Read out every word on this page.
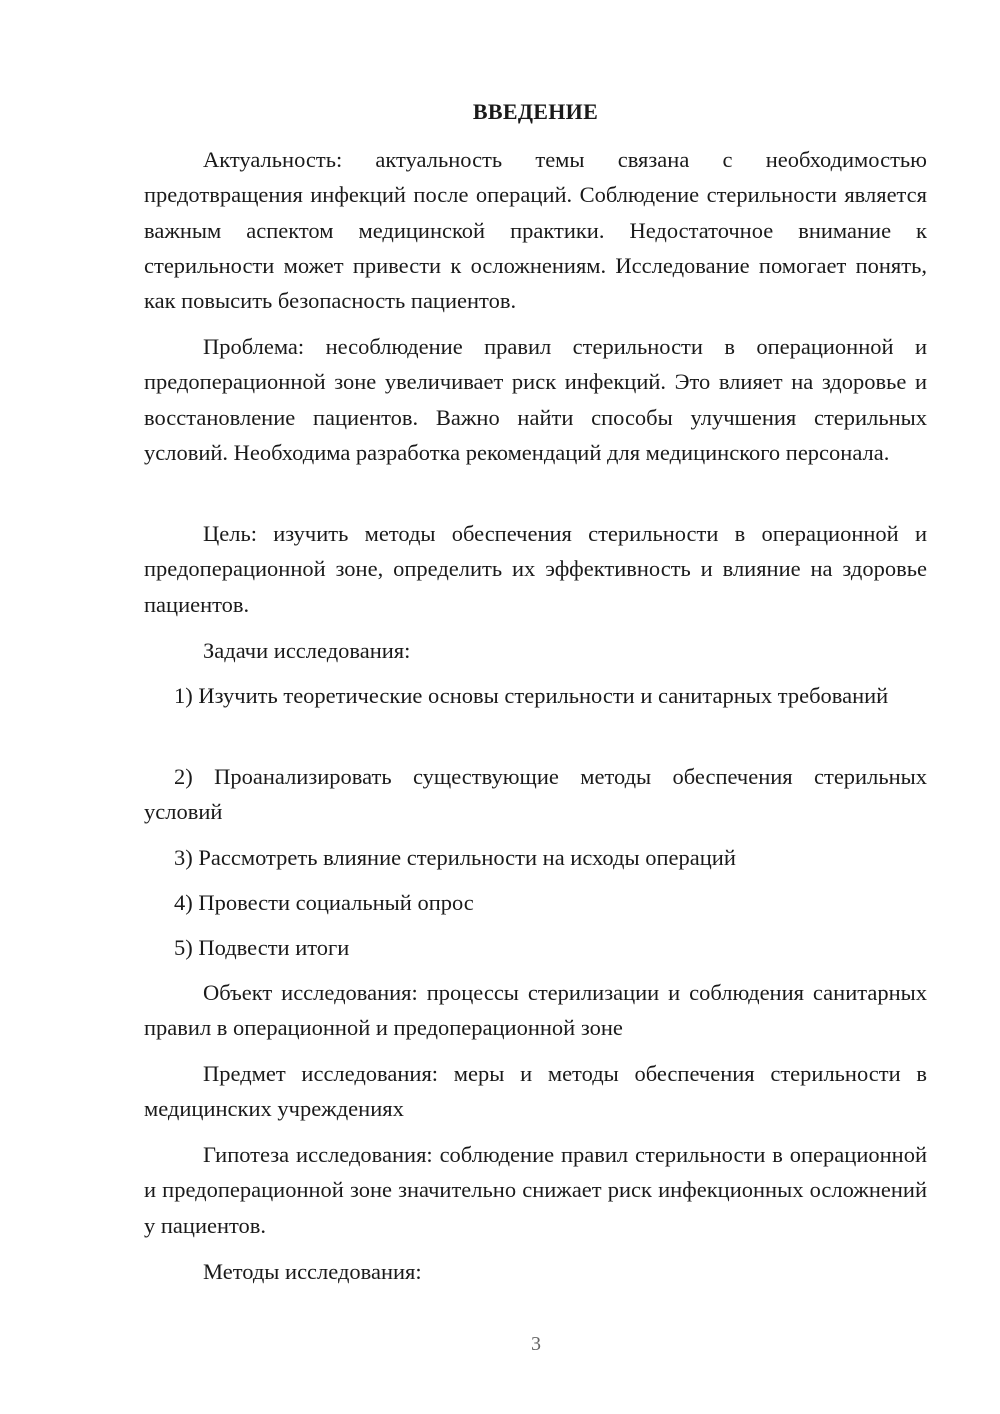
ВВЕДЕНИЕ

Актуальность: актуальность темы связана с необходимостью предотвращения инфекций после операций. Соблюдение стерильности является важным аспектом медицинской практики. Недостаточное внимание к стерильности может привести к осложнениям. Исследование помогает понять, как повысить безопасность пациентов.

Проблема: несоблюдение правил стерильности в операционной и предоперационной зоне увеличивает риск инфекций. Это влияет на здоровье и восстановление пациентов. Важно найти способы улучшения стерильных условий. Необходима разработка рекомендаций для медицинского персонала.

Цель: изучить методы обеспечения стерильности в операционной и предоперационной зоне, определить их эффективность и влияние на здоровье пациентов.

Задачи исследования:

1) Изучить теоретические основы стерильности и санитарных требований

2) Проанализировать существующие методы обеспечения стерильных условий

3) Рассмотреть влияние стерильности на исходы операций

4) Провести социальный опрос

5) Подвести итоги

Объект исследования: процессы стерилизации и соблюдения санитарных правил в операционной и предоперационной зоне

Предмет исследования: меры и методы обеспечения стерильности в медицинских учреждениях

Гипотеза исследования: соблюдение правил стерильности в операционной и предоперационной зоне значительно снижает риск инфекционных осложнений у пациентов.

Методы исследования:

3
